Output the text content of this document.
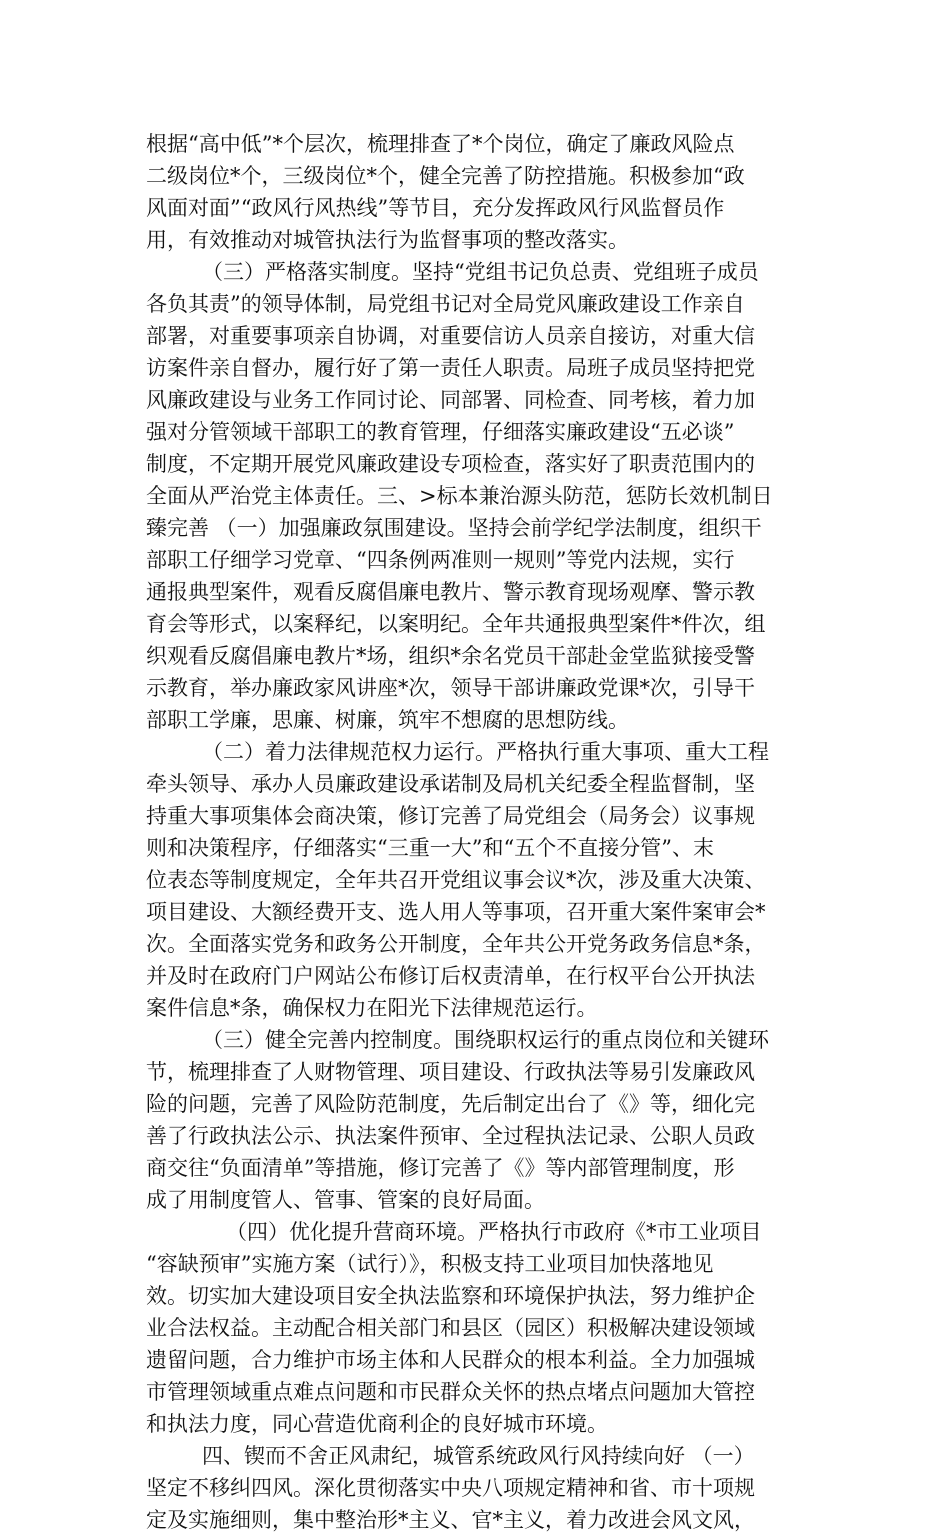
根据“高中低”*个层次，梳理排查了*个岗位，确定了廉政风险点
二级岗位*个，三级岗位*个，健全完善了防控措施。积极参加“政
风面对面”“政风行风热线”等节目，充分发挥政风行风监督员作
用，有效推动对城管执法行为监督事项的整改落实。
（三）严格落实制度。坚持“党组书记负总责、党组班子成员
各负其责”的领导体制，局党组书记对全局党风廉政建设工作亲自
部署，对重要事项亲自协调，对重要信访人员亲自接访，对重大信
访案件亲自督办，履行好了第一责任人职责。局班子成员坚持把党
风廉政建设与业务工作同讨论、同部署、同检查、同考核，着力加
强对分管领域干部职工的教育管理，仔细落实廉政建设“五必谈”
制度，不定期开展党风廉政建设专项检查，落实好了职责范围内的
全面从严治党主体责任。三、>标本兼治源头防范，惩防长效机制日
臻完善 （一）加强廉政氛围建设。坚持会前学纪学法制度，组织干
部职工仔细学习党章、“四条例两准则一规则”等党内法规，实行
通报典型案件，观看反腐倡廉电教片、警示教育现场观摩、警示教
育会等形式，以案释纪，以案明纪。全年共通报典型案件*件次，组
织观看反腐倡廉电教片*场，组织*余名党员干部赴金堂监狱接受警
示教育，举办廉政家风讲座*次，领导干部讲廉政党课*次，引导干
部职工学廉，思廉、树廉，筑牢不想腐的思想防线。
（二）着力法律规范权力运行。严格执行重大事项、重大工程
牵头领导、承办人员廉政建设承诺制及局机关纪委全程监督制，坚
持重大事项集体会商决策，修订完善了局党组会（局务会）议事规
则和决策程序，仔细落实“三重一大”和“五个不直接分管”、末
位表态等制度规定，全年共召开党组议事会议*次，涉及重大决策、
项目建设、大额经费开支、选人用人等事项，召开重大案件案审会*
次。全面落实党务和政务公开制度，全年共公开党务政务信息*条，
并及时在政府门户网站公布修订后权责清单，在行权平台公开执法
案件信息*条，确保权力在阳光下法律规范运行。
（三）健全完善内控制度。围绕职权运行的重点岗位和关键环
节，梳理排查了人财物管理、项目建设、行政执法等易引发廉政风
险的问题，完善了风险防范制度，先后制定出台了《》等，细化完
善了行政执法公示、执法案件预审、全过程执法记录、公职人员政
商交往“负面清单”等措施，修订完善了《》等内部管理制度，形
成了用制度管人、管事、管案的良好局面。
（四）优化提升营商环境。严格执行市政府《*市工业项目
“容缺预审”实施方案（试行）》，积极支持工业项目加快落地见
效。切实加大建设项目安全执法监察和环境保护执法，努力维护企
业合法权益。主动配合相关部门和县区（园区）积极解决建设领域
遗留问题，合力维护市场主体和人民群众的根本利益。全力加强城
市管理领域重点难点问题和市民群众关怀的热点堵点问题加大管控
和执法力度，同心营造优商利企的良好城市环境。
四、锲而不舍正风肃纪，城管系统政风行风持续向好 （一）
坚定不移纠四风。深化贯彻落实中央八项规定精神和省、市十项规
定及实施细则，集中整治形*主义、官*主义，着力改进会风文风，
